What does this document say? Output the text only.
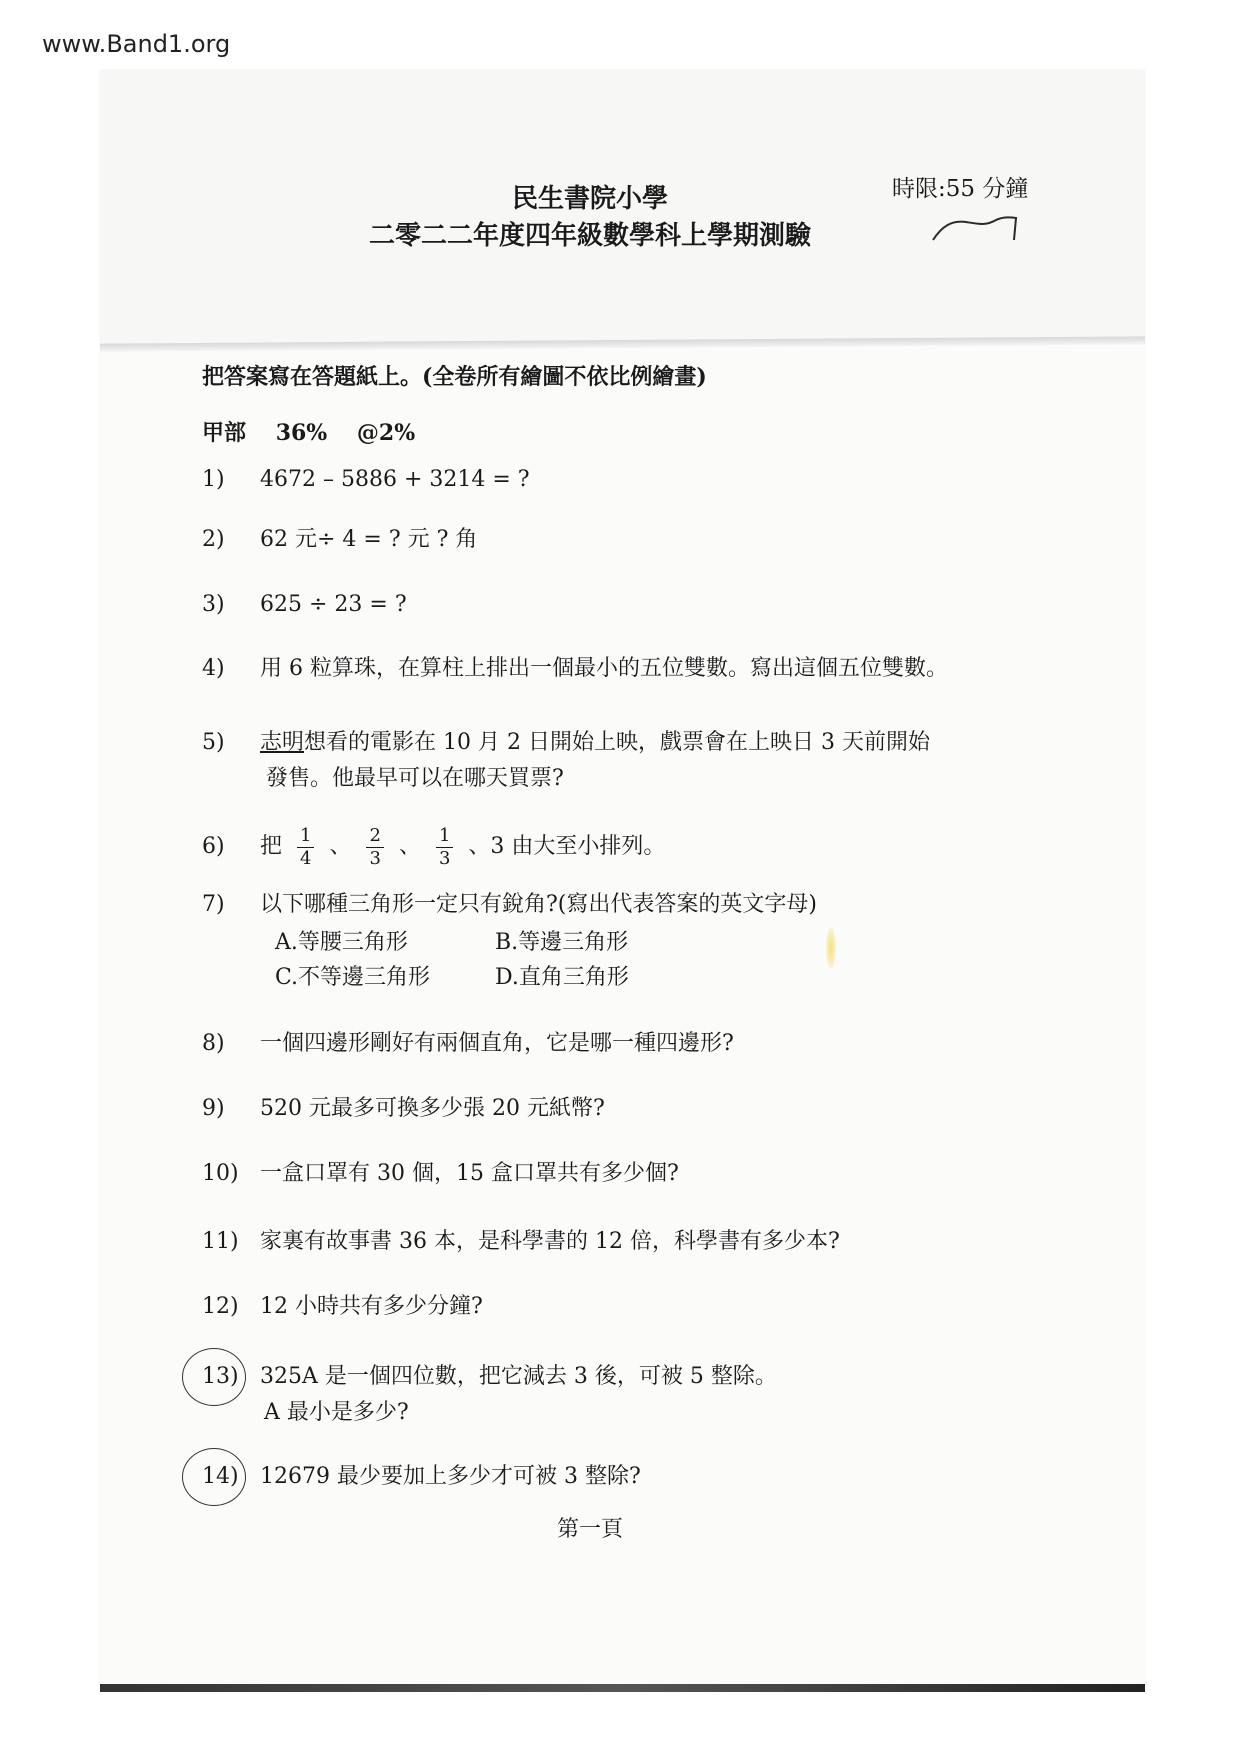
www.Band1.org
民生書院小學
二零二二年度四年級數學科上學期測驗
時限:55 分鐘
把答案寫在答題紙上。(全卷所有繪圖不依比例繪畫)
甲部 36% @2%
1)	4672 – 5886 + 3214 = ?
2)	62 元÷ 4 = ? 元 ? 角
3)	625 ÷ 23 = ?
4)	用 6 粒算珠，在算柱上排出一個最小的五位雙數。寫出這個五位雙數。
5)	志明想看的電影在 10 月 2 日開始上映，戲票會在上映日 3 天前開始
發售。他最早可以在哪天買票?
6)	把 $\frac{1}{4}$ 、 $\frac{2}{3}$ 、 $\frac{1}{3}$ 、3 由大至小排列。
7)	以下哪種三角形一定只有銳角?(寫出代表答案的英文字母)
A.等腰三角形	B.等邊三角形
C.不等邊三角形	D.直角三角形
8)	一個四邊形剛好有兩個直角，它是哪一種四邊形?
9)	520 元最多可換多少張 20 元紙幣?
10) 一盒口罩有 30 個，15 盒口罩共有多少個?
11) 家裏有故事書 36 本，是科學書的 12 倍，科學書有多少本?
12) 12 小時共有多少分鐘?
13) 325A 是一個四位數，把它減去 3 後，可被 5 整除。
A 最小是多少?
14) 12679 最少要加上多少才可被 3 整除?
第一頁
